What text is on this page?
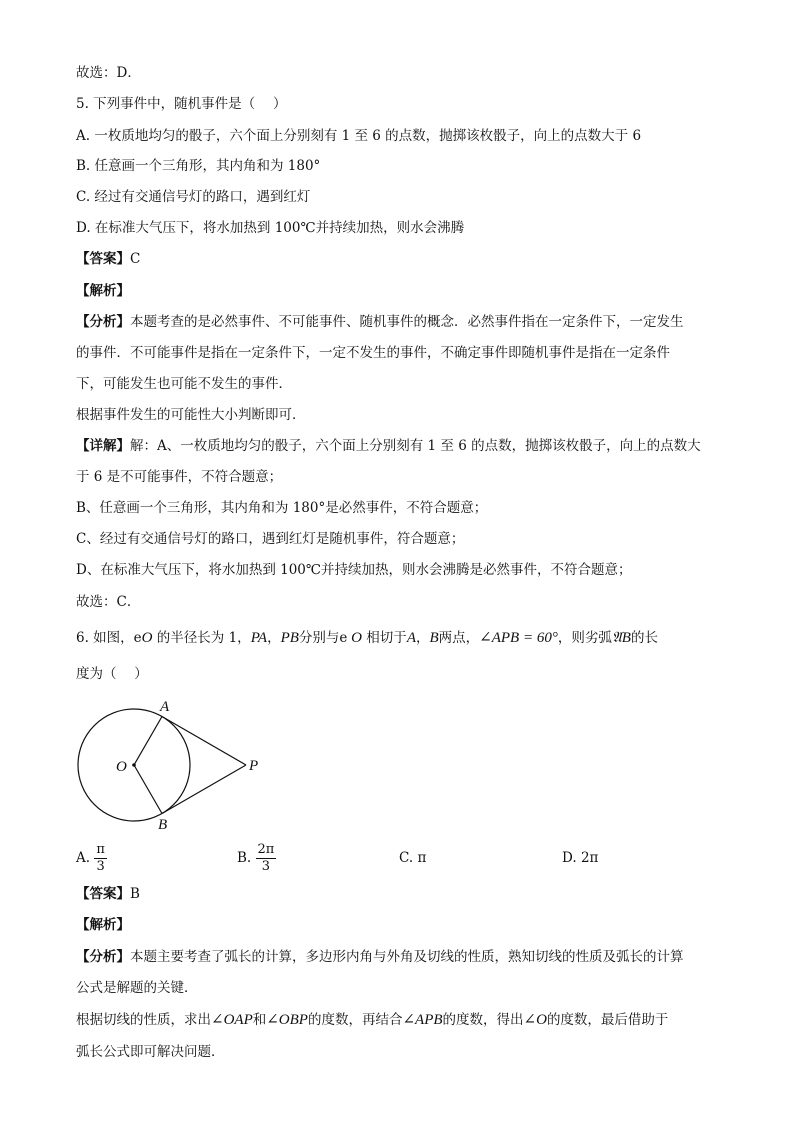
故选：D．
5. 下列事件中，随机事件是（　 ）
A. 一枚质地均匀的骰子，六个面上分别刻有 1 至 6 的点数，抛掷该枚骰子，向上的点数大于 6
B. 任意画一个三角形，其内角和为 180°
C. 经过有交通信号灯的路口，遇到红灯
D. 在标准大气压下，将水加热到 100℃并持续加热，则水会沸腾
【答案】C
【解析】
【分析】本题考查的是必然事件、不可能事件、随机事件的概念．必然事件指在一定条件下，一定发生
的事件．不可能事件是指在一定条件下，一定不发生的事件，不确定事件即随机事件是指在一定条件
下，可能发生也可能不发生的事件．
根据事件发生的可能性大小判断即可．
【详解】解：A、一枚质地均匀的骰子，六个面上分别刻有 1 至 6 的点数，抛掷该枚骰子，向上的点数大
于 6 是不可能事件，不符合题意；
B、任意画一个三角形，其内角和为 180°是必然事件，不符合题意；
C、经过有交通信号灯的路口，遇到红灯是随机事件，符合题意；
D、在标准大气压下，将水加热到 100℃并持续加热，则水会沸腾是必然事件，不符合题意；
故选：C．
6. 如图，eO 的半径长为 1，PA，PB分别与e O 相切于A，B两点，∠APB = 60°，则劣弧𝔄B的长
度为（　 ）
A
B
O	P
A. $\frac{\pi}{3}$	B. $\frac{2\pi}{3}$	C. π	D. 2π
【答案】B
【解析】
【分析】本题主要考查了弧长的计算，多边形内角与外角及切线的性质，熟知切线的性质及弧长的计算
公式是解题的关键．
根据切线的性质，求出∠OAP和∠OBP的度数，再结合∠APB的度数，得出∠O的度数，最后借助于
弧长公式即可解决问题．
